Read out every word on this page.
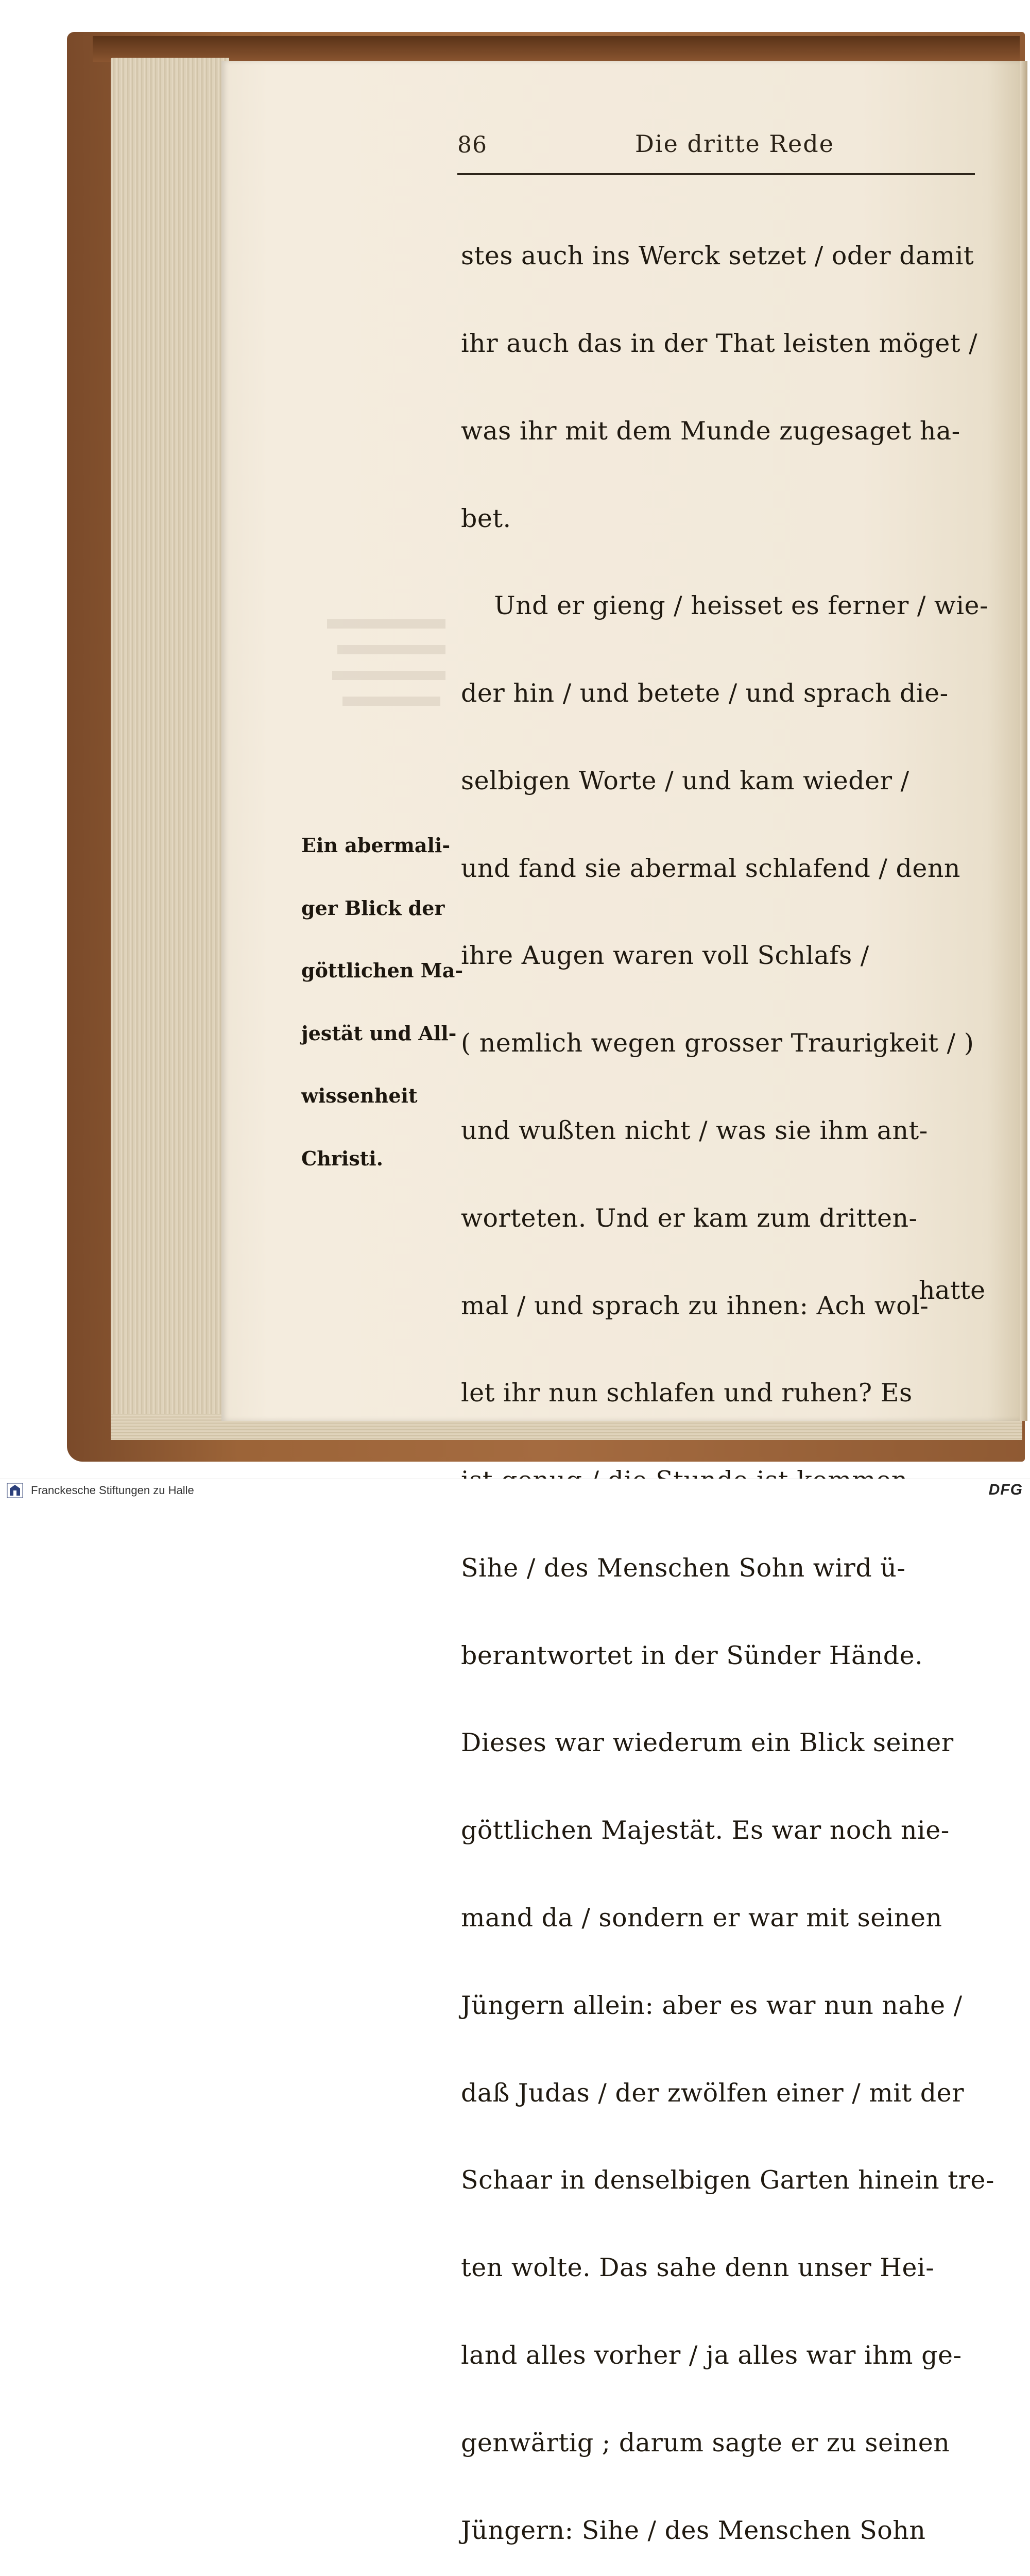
86	Die dritte Rede

stes auch ins Werck setzet / oder damit

ihr auch das in der That leisten möget /

was ihr mit dem Munde zugesaget ha-

bet.

Und er gieng / heisset es ferner / wie-

der hin / und betete / und sprach die-

selbigen Worte / und kam wieder /

und fand sie abermal schlafend / denn

ihre Augen waren voll Schlafs /

( nemlich wegen grosser Traurigkeit / )

und wußten nicht / was sie ihm ant-

worteten. Und er kam zum dritten-

mal / und sprach zu ihnen: Ach wol-

let ihr nun schlafen und ruhen? Es

Sihe / des Menschen Sohn wird ü-

berantwortet in der Sünder Hände.

Dieses war wiederum ein Blick seiner

göttlichen Majestät. Es war noch nie-

mand da / sondern er war mit seinen

Jüngern allein: aber es war nun nahe /

daß Judas / der zwölfen einer / mit der

Schaar in denselbigen Garten hinein tre-

ten wolte. Das sahe denn unser Hei-

land alles vorher / ja alles war ihm ge-

genwärtig ; darum sagte er zu seinen

Jüngern: Sihe / des Menschen Sohn

hatte

Ein abermali-

ger Blick der

göttlichen Ma-

jestät und All-

wissenheit

Christi.

Franckesche Stiftungen zu Halle	DFG
